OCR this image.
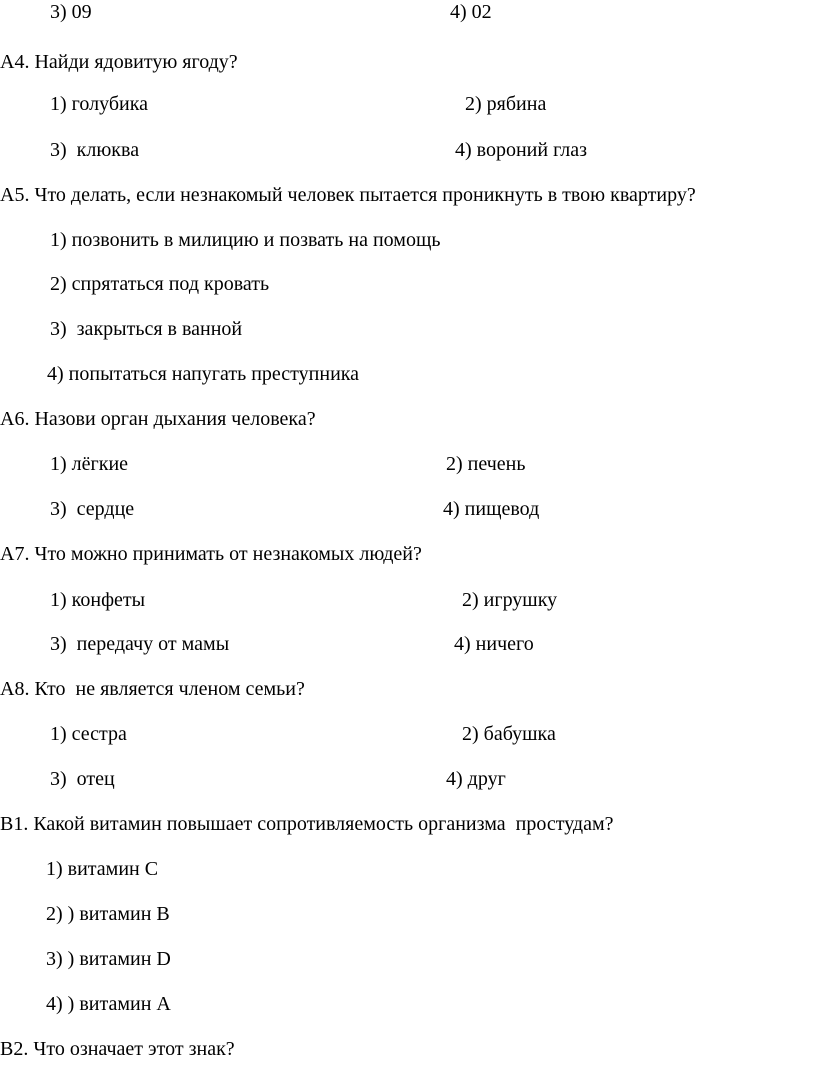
3) 09	4) 02
А4. Найди ядовитую ягоду?
1) голубика	2) рябина
3)  клюква	4) вороний глаз
А5. Что делать, если незнакомый человек пытается проникнуть в твою квартиру?
1) позвонить в милицию и позвать на помощь
2) спрятаться под кровать
3)  закрыться в ванной
4) попытаться напугать преступника
А6. Назови орган дыхания человека?
1) лёгкие	2) печень
3)  сердце	4) пищевод
А7. Что можно принимать от незнакомых людей?
1) конфеты	2) игрушку
3)  передачу от мамы	4) ничего
А8. Кто  не является членом семьи?
1) сестра	2) бабушка
3)  отец	4) друг
В1. Какой витамин повышает сопротивляемость организма  простудам?
1) витамин С
2) ) витамин В
3) ) витамин D
4) ) витамин А
В2. Что означает этот знак?
